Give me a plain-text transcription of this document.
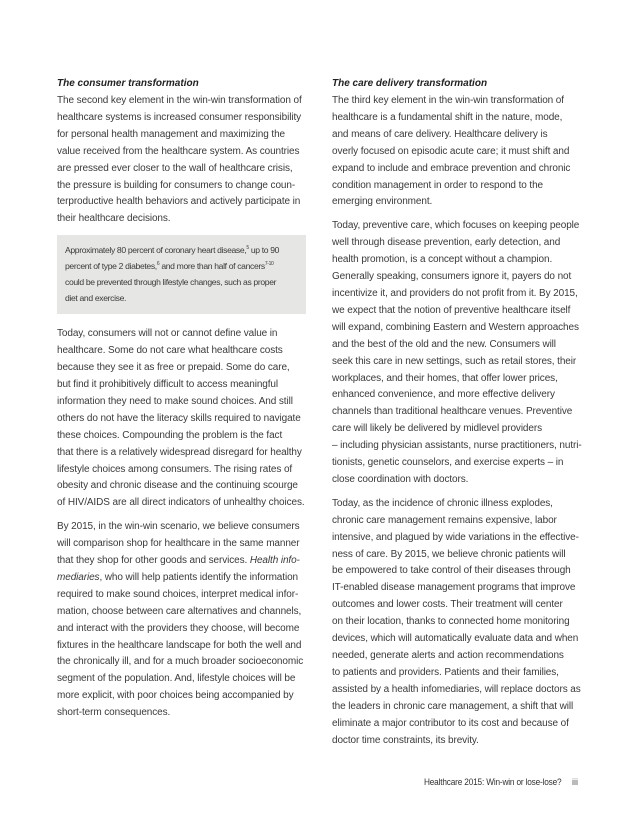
The consumer transformation
The second key element in the win-win transformation of
healthcare systems is increased consumer responsibility
for personal health management and maximizing the
value received from the healthcare system. As countries
are pressed ever closer to the wall of healthcare crisis,
the pressure is building for consumers to change coun-
terproductive health behaviors and actively participate in
their healthcare decisions.
Approximately 80 percent of coronary heart disease,$^5$ up to 90
percent of type 2 diabetes,$^6$ and more than half of cancers$^{7-10}$
could be prevented through lifestyle changes, such as proper
diet and exercise.
Today, consumers will not or cannot define value in
healthcare. Some do not care what healthcare costs
because they see it as free or prepaid. Some do care,
but find it prohibitively difficult to access meaningful
information they need to make sound choices. And still
others do not have the literacy skills required to navigate
these choices. Compounding the problem is the fact
that there is a relatively widespread disregard for healthy
lifestyle choices among consumers. The rising rates of
obesity and chronic disease and the continuing scourge
of HIV/AIDS are all direct indicators of unhealthy choices.
By 2015, in the win-win scenario, we believe consumers
will comparison shop for healthcare in the same manner
that they shop for other goods and services. Health info-
mediaries, who will help patients identify the information
required to make sound choices, interpret medical infor-
mation, choose between care alternatives and channels,
and interact with the providers they choose, will become
fixtures in the healthcare landscape for both the well and
the chronically ill, and for a much broader socioeconomic
segment of the population. And, lifestyle choices will be
more explicit, with poor choices being accompanied by
short-term consequences.
The care delivery transformation
The third key element in the win-win transformation of
healthcare is a fundamental shift in the nature, mode,
and means of care delivery. Healthcare delivery is
overly focused on episodic acute care; it must shift and
expand to include and embrace prevention and chronic
condition management in order to respond to the
emerging environment.
Today, preventive care, which focuses on keeping people
well through disease prevention, early detection, and
health promotion, is a concept without a champion.
Generally speaking, consumers ignore it, payers do not
incentivize it, and providers do not profit from it. By 2015,
we expect that the notion of preventive healthcare itself
will expand, combining Eastern and Western approaches
and the best of the old and the new. Consumers will
seek this care in new settings, such as retail stores, their
workplaces, and their homes, that offer lower prices,
enhanced convenience, and more effective delivery
channels than traditional healthcare venues. Preventive
care will likely be delivered by midlevel providers
– including physician assistants, nurse practitioners, nutri-
tionists, genetic counselors, and exercise experts – in
close coordination with doctors.
Today, as the incidence of chronic illness explodes,
chronic care management remains expensive, labor
intensive, and plagued by wide variations in the effective-
ness of care. By 2015, we believe chronic patients will
be empowered to take control of their diseases through
IT-enabled disease management programs that improve
outcomes and lower costs. Their treatment will center
on their location, thanks to connected home monitoring
devices, which will automatically evaluate data and when
needed, generate alerts and action recommendations
to patients and providers. Patients and their families,
assisted by a health infomediaries, will replace doctors as
the leaders in chronic care management, a shift that will
eliminate a major contributor to its cost and because of
doctor time constraints, its brevity.
Healthcare 2015: Win-win or lose-lose? iii
